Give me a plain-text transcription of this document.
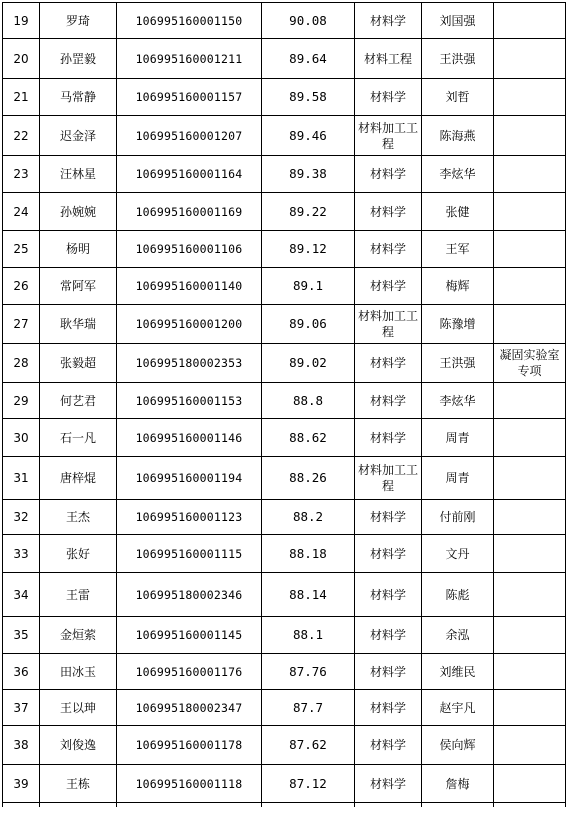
19	罗琦	106995160001150	90.08	材料学	刘国强	
20	孙罡毅	106995160001211	89.64	材料工程	王洪强	
21	马常静	106995160001157	89.58	材料学	刘哲	
22	迟金泽	106995160001207	89.46	材料加工工程	陈海燕	
23	汪林星	106995160001164	89.38	材料学	李炫华	
24	孙婉婉	106995160001169	89.22	材料学	张健	
25	杨明	106995160001106	89.12	材料学	王军	
26	常阿军	106995160001140	89.1	材料学	梅辉	
27	耿华瑞	106995160001200	89.06	材料加工工程	陈豫增	
28	张毅超	106995180002353	89.02	材料学	王洪强	凝固实验室专项
29	何艺君	106995160001153	88.8	材料学	李炫华	
30	石一凡	106995160001146	88.62	材料学	周青	
31	唐梓焜	106995160001194	88.26	材料加工工程	周青	
32	王杰	106995160001123	88.2	材料学	付前刚	
33	张好	106995160001115	88.18	材料学	文丹	
34	王雷	106995180002346	88.14	材料学	陈彪	
35	金烜萦	106995160001145	88.1	材料学	余泓	
36	田冰玉	106995160001176	87.76	材料学	刘维民	
37	王以珅	106995180002347	87.7	材料学	赵宇凡	
38	刘俊逸	106995160001178	87.62	材料学	侯向辉	
39	王栋	106995160001118	87.12	材料学	詹梅	
